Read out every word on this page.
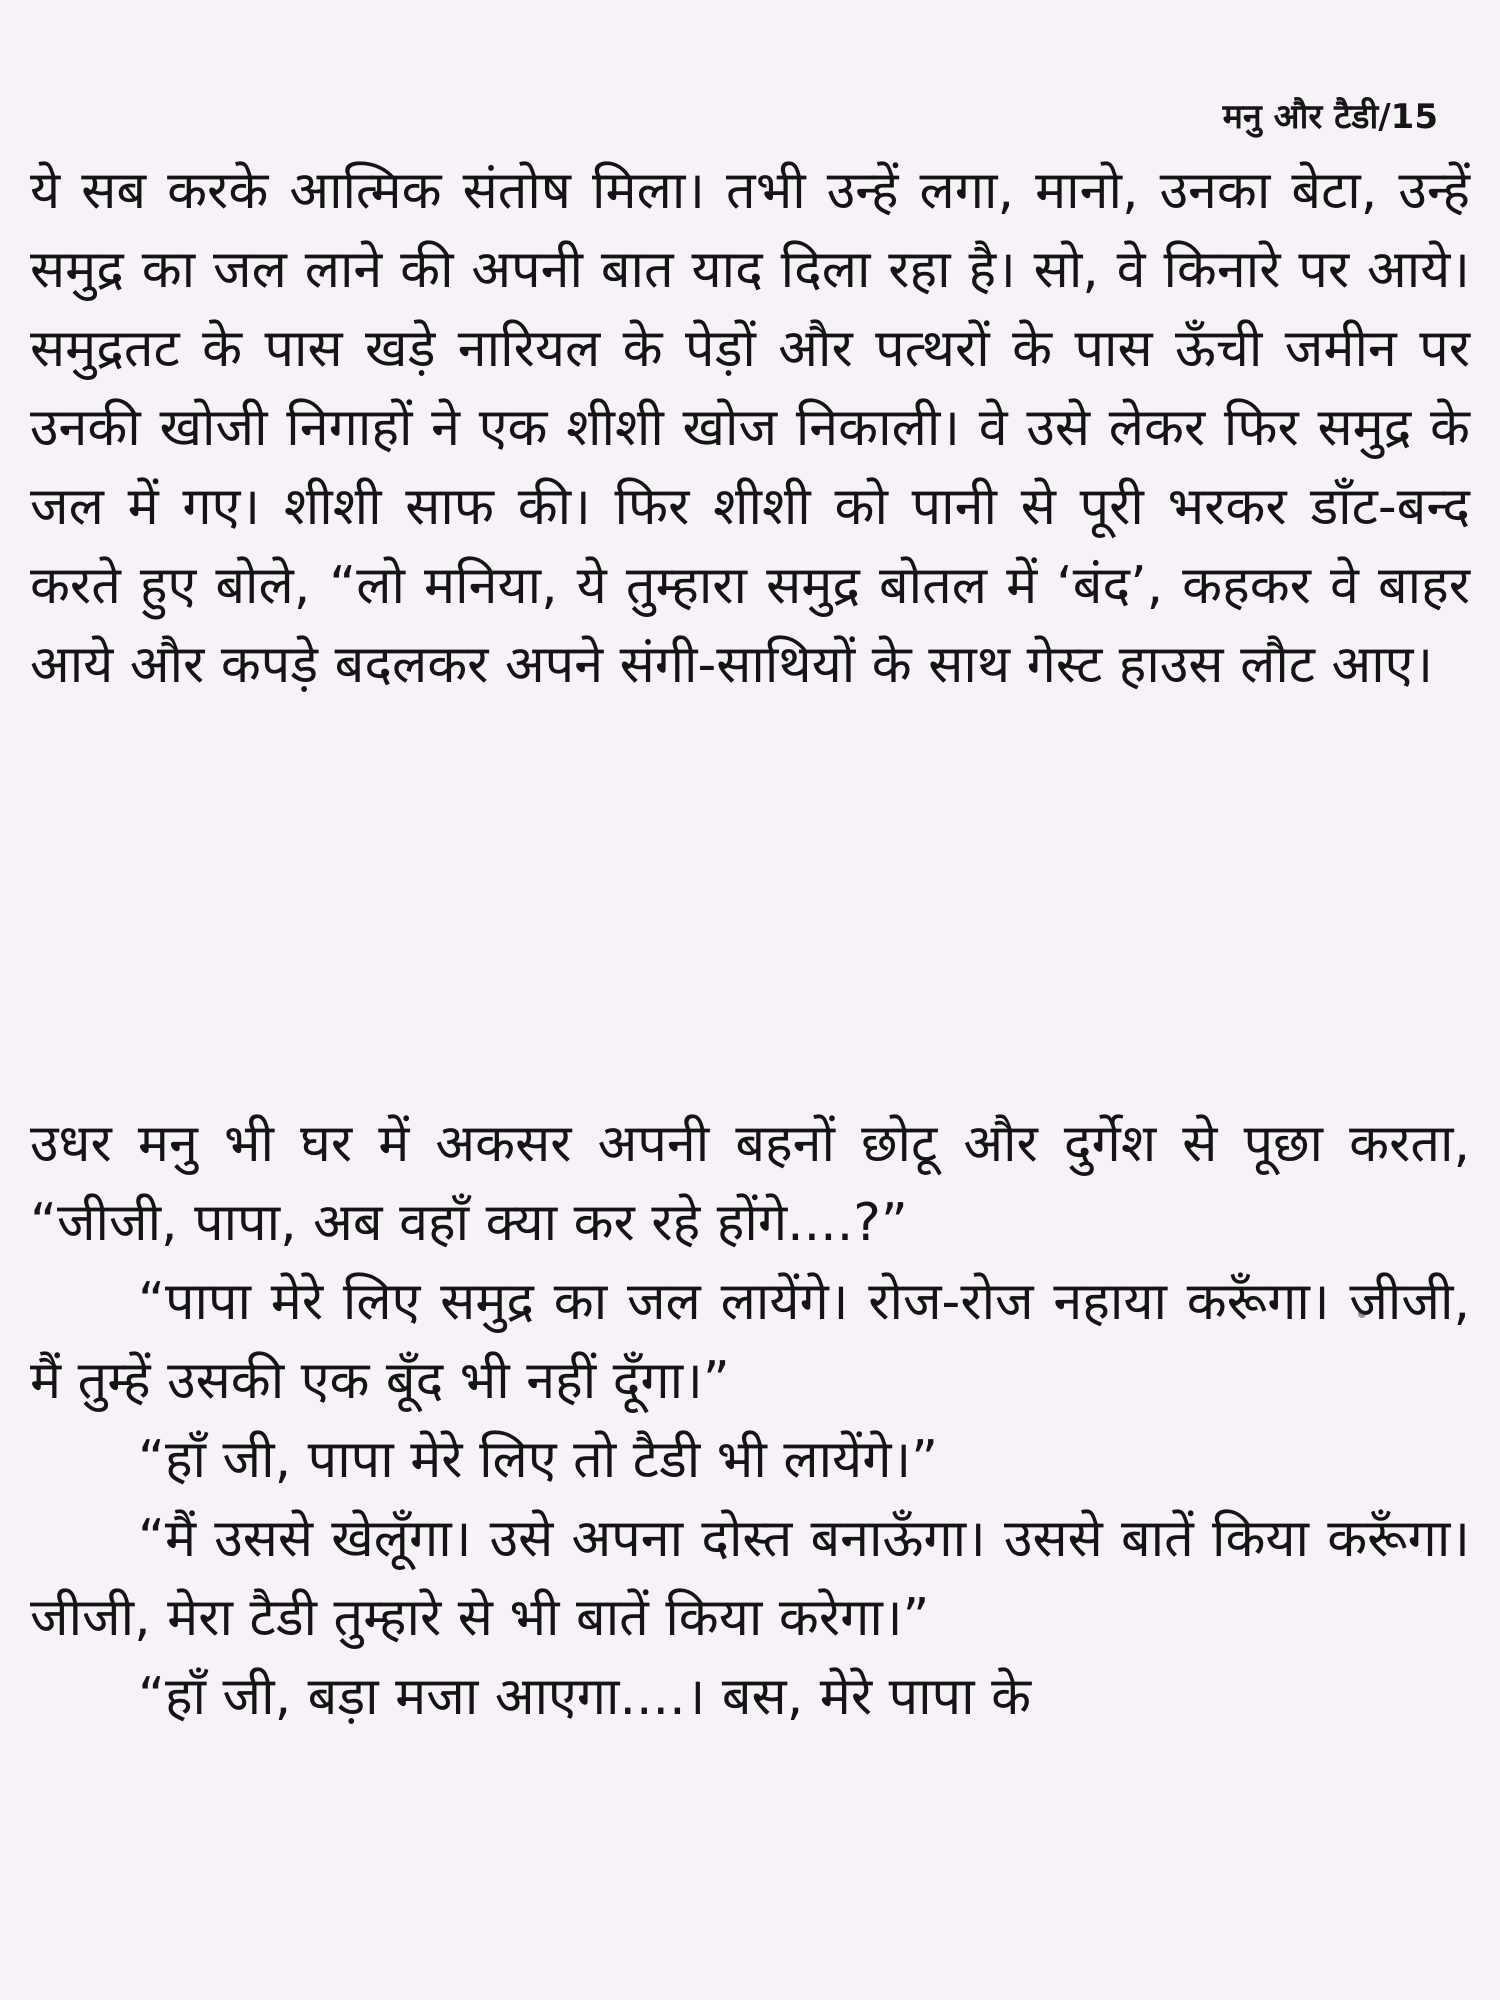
मनु और टैडी/15

ये सब करके आत्मिक संतोष मिला। तभी उन्हें लगा, मानो, उनका बेटा, उन्हें समुद्र का जल लाने की अपनी बात याद दिला रहा है। सो, वे किनारे पर आये। समुद्रतट के पास खड़े नारियल के पेड़ों और पत्थरों के पास ऊँची जमीन पर उनकी खोजी निगाहों ने एक शीशी खोज निकाली। वे उसे लेकर फिर समुद्र के जल में गए। शीशी साफ की। फिर शीशी को पानी से पूरी भरकर डाँट-बन्द करते हुए बोले, “लो मनिया, ये तुम्हारा समुद्र बोतल में ‘बंद’, कहकर वे बाहर आये और कपड़े बदलकर अपने संगी-साथियों के साथ गेस्ट हाउस लौट आए।

उधर मनु भी घर में अकसर अपनी बहनों छोटू और दुर्गेश से पूछा करता, “जीजी, पापा, अब वहाँ क्या कर रहे होंगे....?”

“पापा मेरे लिए समुद्र का जल लायेंगे। रोज-रोज नहाया करूँगा। जीजी, मैं तुम्हें उसकी एक बूँद भी नहीं दूँगा।”

“हाँ जी, पापा मेरे लिए तो टैडी भी लायेंगे।”

“मैं उससे खेलूँगा। उसे अपना दोस्त बनाऊँगा। उससे बातें किया करूँगा। जीजी, मेरा टैडी तुम्हारे से भी बातें किया करेगा।”

“हाँ जी, बड़ा मजा आएगा....। बस, मेरे पापा के
